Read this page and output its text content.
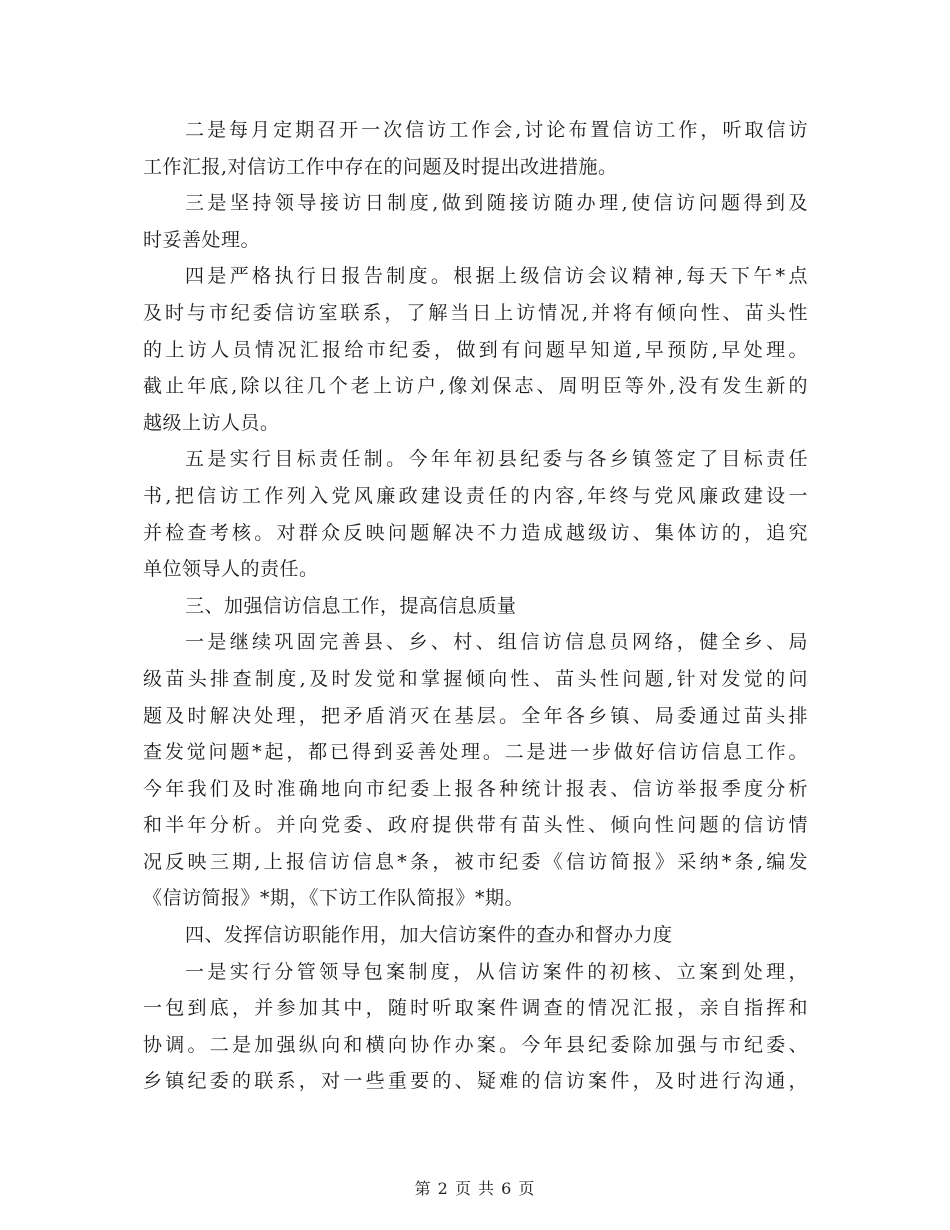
二是每月定期召开一次信访工作会,讨论布置信访工作，听取信访
工作汇报,对信访工作中存在的问题及时提出改进措施。
三是坚持领导接访日制度,做到随接访随办理,使信访问题得到及
时妥善处理。
四是严格执行日报告制度。根据上级信访会议精神,每天下午*点
及时与市纪委信访室联系，了解当日上访情况,并将有倾向性、苗头性
的上访人员情况汇报给市纪委，做到有问题早知道,早预防,早处理。
截止年底,除以往几个老上访户,像刘保志、周明臣等外,没有发生新的
越级上访人员。
五是实行目标责任制。今年年初县纪委与各乡镇签定了目标责任
书,把信访工作列入党风廉政建设责任的内容,年终与党风廉政建设一
并检查考核。对群众反映问题解决不力造成越级访、集体访的，追究
单位领导人的责任。
三、加强信访信息工作，提高信息质量
一是继续巩固完善县、乡、村、组信访信息员网络，健全乡、局
级苗头排查制度,及时发觉和掌握倾向性、苗头性问题,针对发觉的问
题及时解决处理，把矛盾消灭在基层。全年各乡镇、局委通过苗头排
查发觉问题*起，都已得到妥善处理。二是进一步做好信访信息工作。
今年我们及时准确地向市纪委上报各种统计报表、信访举报季度分析
和半年分析。并向党委、政府提供带有苗头性、倾向性问题的信访情
况反映三期,上报信访信息*条，被市纪委《信访简报》采纳*条,编发
《信访简报》*期，《下访工作队简报》*期。
四、发挥信访职能作用，加大信访案件的查办和督办力度
一是实行分管领导包案制度，从信访案件的初核、立案到处理，
一包到底，并参加其中，随时听取案件调查的情况汇报，亲自指挥和
协调。二是加强纵向和横向协作办案。今年县纪委除加强与市纪委、
乡镇纪委的联系，对一些重要的、疑难的信访案件，及时进行沟通，
第 2 页 共 6 页
